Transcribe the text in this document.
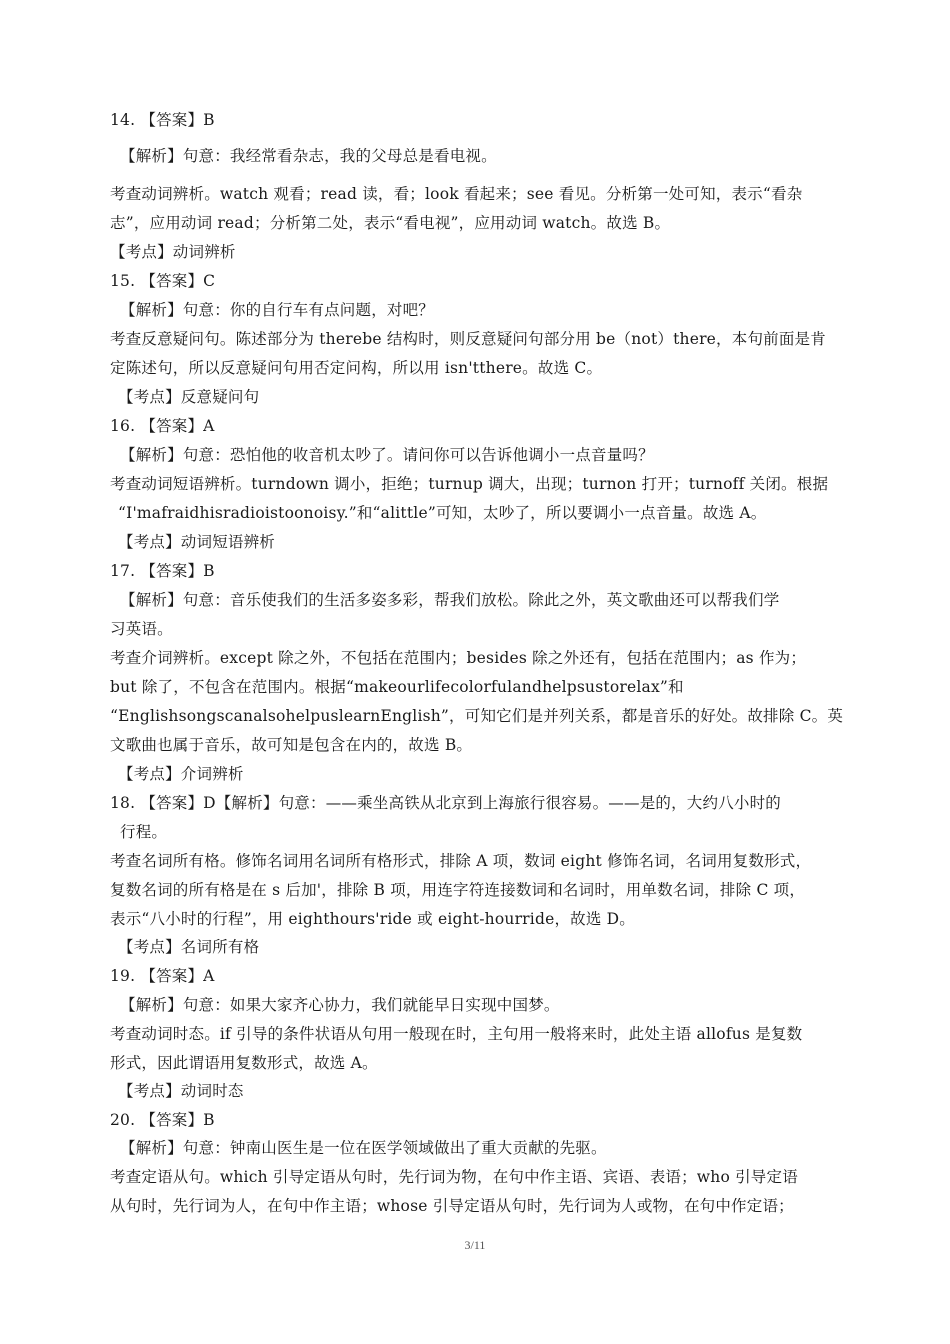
14. 【答案】B
【解析】句意：我经常看杂志，我的父母总是看电视。
考查动词辨析。watch 观看；read 读，看；look 看起来；see 看见。分析第一处可知，表示“看杂
志”，应用动词 read；分析第二处，表示“看电视”，应用动词 watch。故选 B。
【考点】动词辨析
15. 【答案】C
【解析】句意：你的自行车有点问题，对吧？
考查反意疑问句。陈述部分为 therebe 结构时，则反意疑问句部分用 be（not）there，本句前面是肯
定陈述句，所以反意疑问句用否定问构，所以用 isn'tthere。故选 C。
【考点】反意疑问句
16. 【答案】A
【解析】句意：恐怕他的收音机太吵了。请问你可以告诉他调小一点音量吗？
考查动词短语辨析。turndown 调小，拒绝；turnup 调大，出现；turnon 打开；turnoff 关闭。根据
“I'mafraidhisradioistoonoisy.”和“alittle”可知，太吵了，所以要调小一点音量。故选 A。
【考点】动词短语辨析
17. 【答案】B
【解析】句意：音乐使我们的生活多姿多彩，帮我们放松。除此之外，英文歌曲还可以帮我们学
习英语。
考查介词辨析。except 除之外，不包括在范围内；besides 除之外还有，包括在范围内；as 作为；
but 除了，不包含在范围内。根据“makeourlifecolorfulandhelpsustorelax”和
“EnglishsongscanalsohelpuslearnEnglish”，可知它们是并列关系，都是音乐的好处。故排除 C。英
文歌曲也属于音乐，故可知是包含在内的，故选 B。
【考点】介词辨析
18. 【答案】D【解析】句意：——乘坐高铁从北京到上海旅行很容易。——是的，大约八小时的
行程。
考查名词所有格。修饰名词用名词所有格形式，排除 A 项，数词 eight 修饰名词，名词用复数形式，
复数名词的所有格是在 s 后加'，排除 B 项，用连字符连接数词和名词时，用单数名词，排除 C 项，
表示“八小时的行程”，用 eighthours'ride 或 eight-hourride，故选 D。
【考点】名词所有格
19. 【答案】A
【解析】句意：如果大家齐心协力，我们就能早日实现中国梦。
考查动词时态。if 引导的条件状语从句用一般现在时，主句用一般将来时，此处主语 allofus 是复数
形式，因此谓语用复数形式，故选 A。
【考点】动词时态
20. 【答案】B
【解析】句意：钟南山医生是一位在医学领域做出了重大贡献的先驱。
考查定语从句。which 引导定语从句时，先行词为物，在句中作主语、宾语、表语；who 引导定语
从句时，先行词为人，在句中作主语；whose 引导定语从句时，先行词为人或物，在句中作定语；
3/11
